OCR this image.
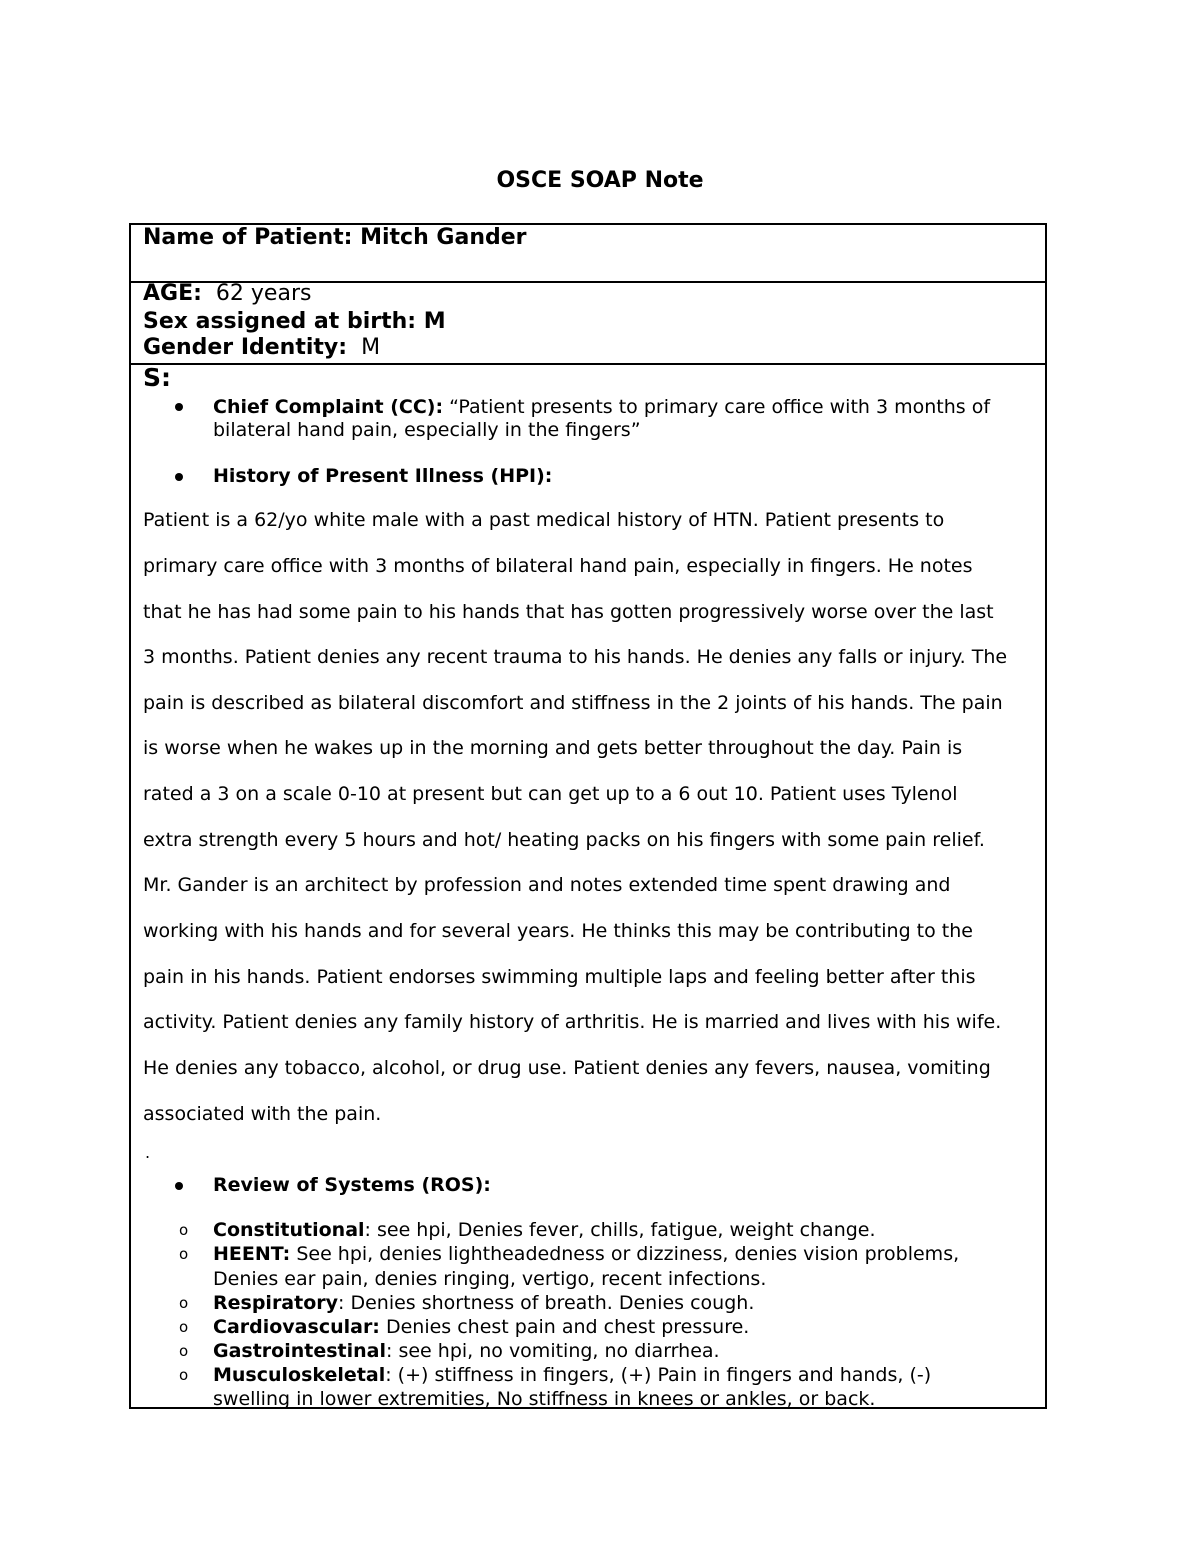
OSCE SOAP Note
Name of Patient: Mitch Gander
AGE: 62 years
Sex assigned at birth: M
Gender Identity: M
S:
Chief Complaint (CC): “Patient presents to primary care office with 3 months of
bilateral hand pain, especially in the fingers”
History of Present Illness (HPI):
Patient is a 62/yo white male with a past medical history of HTN. Patient presents to
primary care office with 3 months of bilateral hand pain, especially in fingers. He notes
that he has had some pain to his hands that has gotten progressively worse over the last
3 months. Patient denies any recent trauma to his hands. He denies any falls or injury. The
pain is described as bilateral discomfort and stiffness in the 2 joints of his hands. The pain
is worse when he wakes up in the morning and gets better throughout the day. Pain is
rated a 3 on a scale 0-10 at present but can get up to a 6 out 10. Patient uses Tylenol
extra strength every 5 hours and hot/ heating packs on his fingers with some pain relief.
Mr. Gander is an architect by profession and notes extended time spent drawing and
working with his hands and for several years. He thinks this may be contributing to the
pain in his hands. Patient endorses swimming multiple laps and feeling better after this
activity. Patient denies any family history of arthritis. He is married and lives with his wife.
He denies any tobacco, alcohol, or drug use. Patient denies any fevers, nausea, vomiting
associated with the pain.
.
Review of Systems (ROS):
o Constitutional: see hpi, Denies fever, chills, fatigue, weight change.
o HEENT: See hpi, denies lightheadedness or dizziness, denies vision problems,
Denies ear pain, denies ringing, vertigo, recent infections.
o Respiratory: Denies shortness of breath. Denies cough.
o Cardiovascular: Denies chest pain and chest pressure.
o Gastrointestinal: see hpi, no vomiting, no diarrhea.
o Musculoskeletal: (+) stiffness in fingers, (+) Pain in fingers and hands, (-)
swelling in lower extremities, No stiffness in knees or ankles, or back.
